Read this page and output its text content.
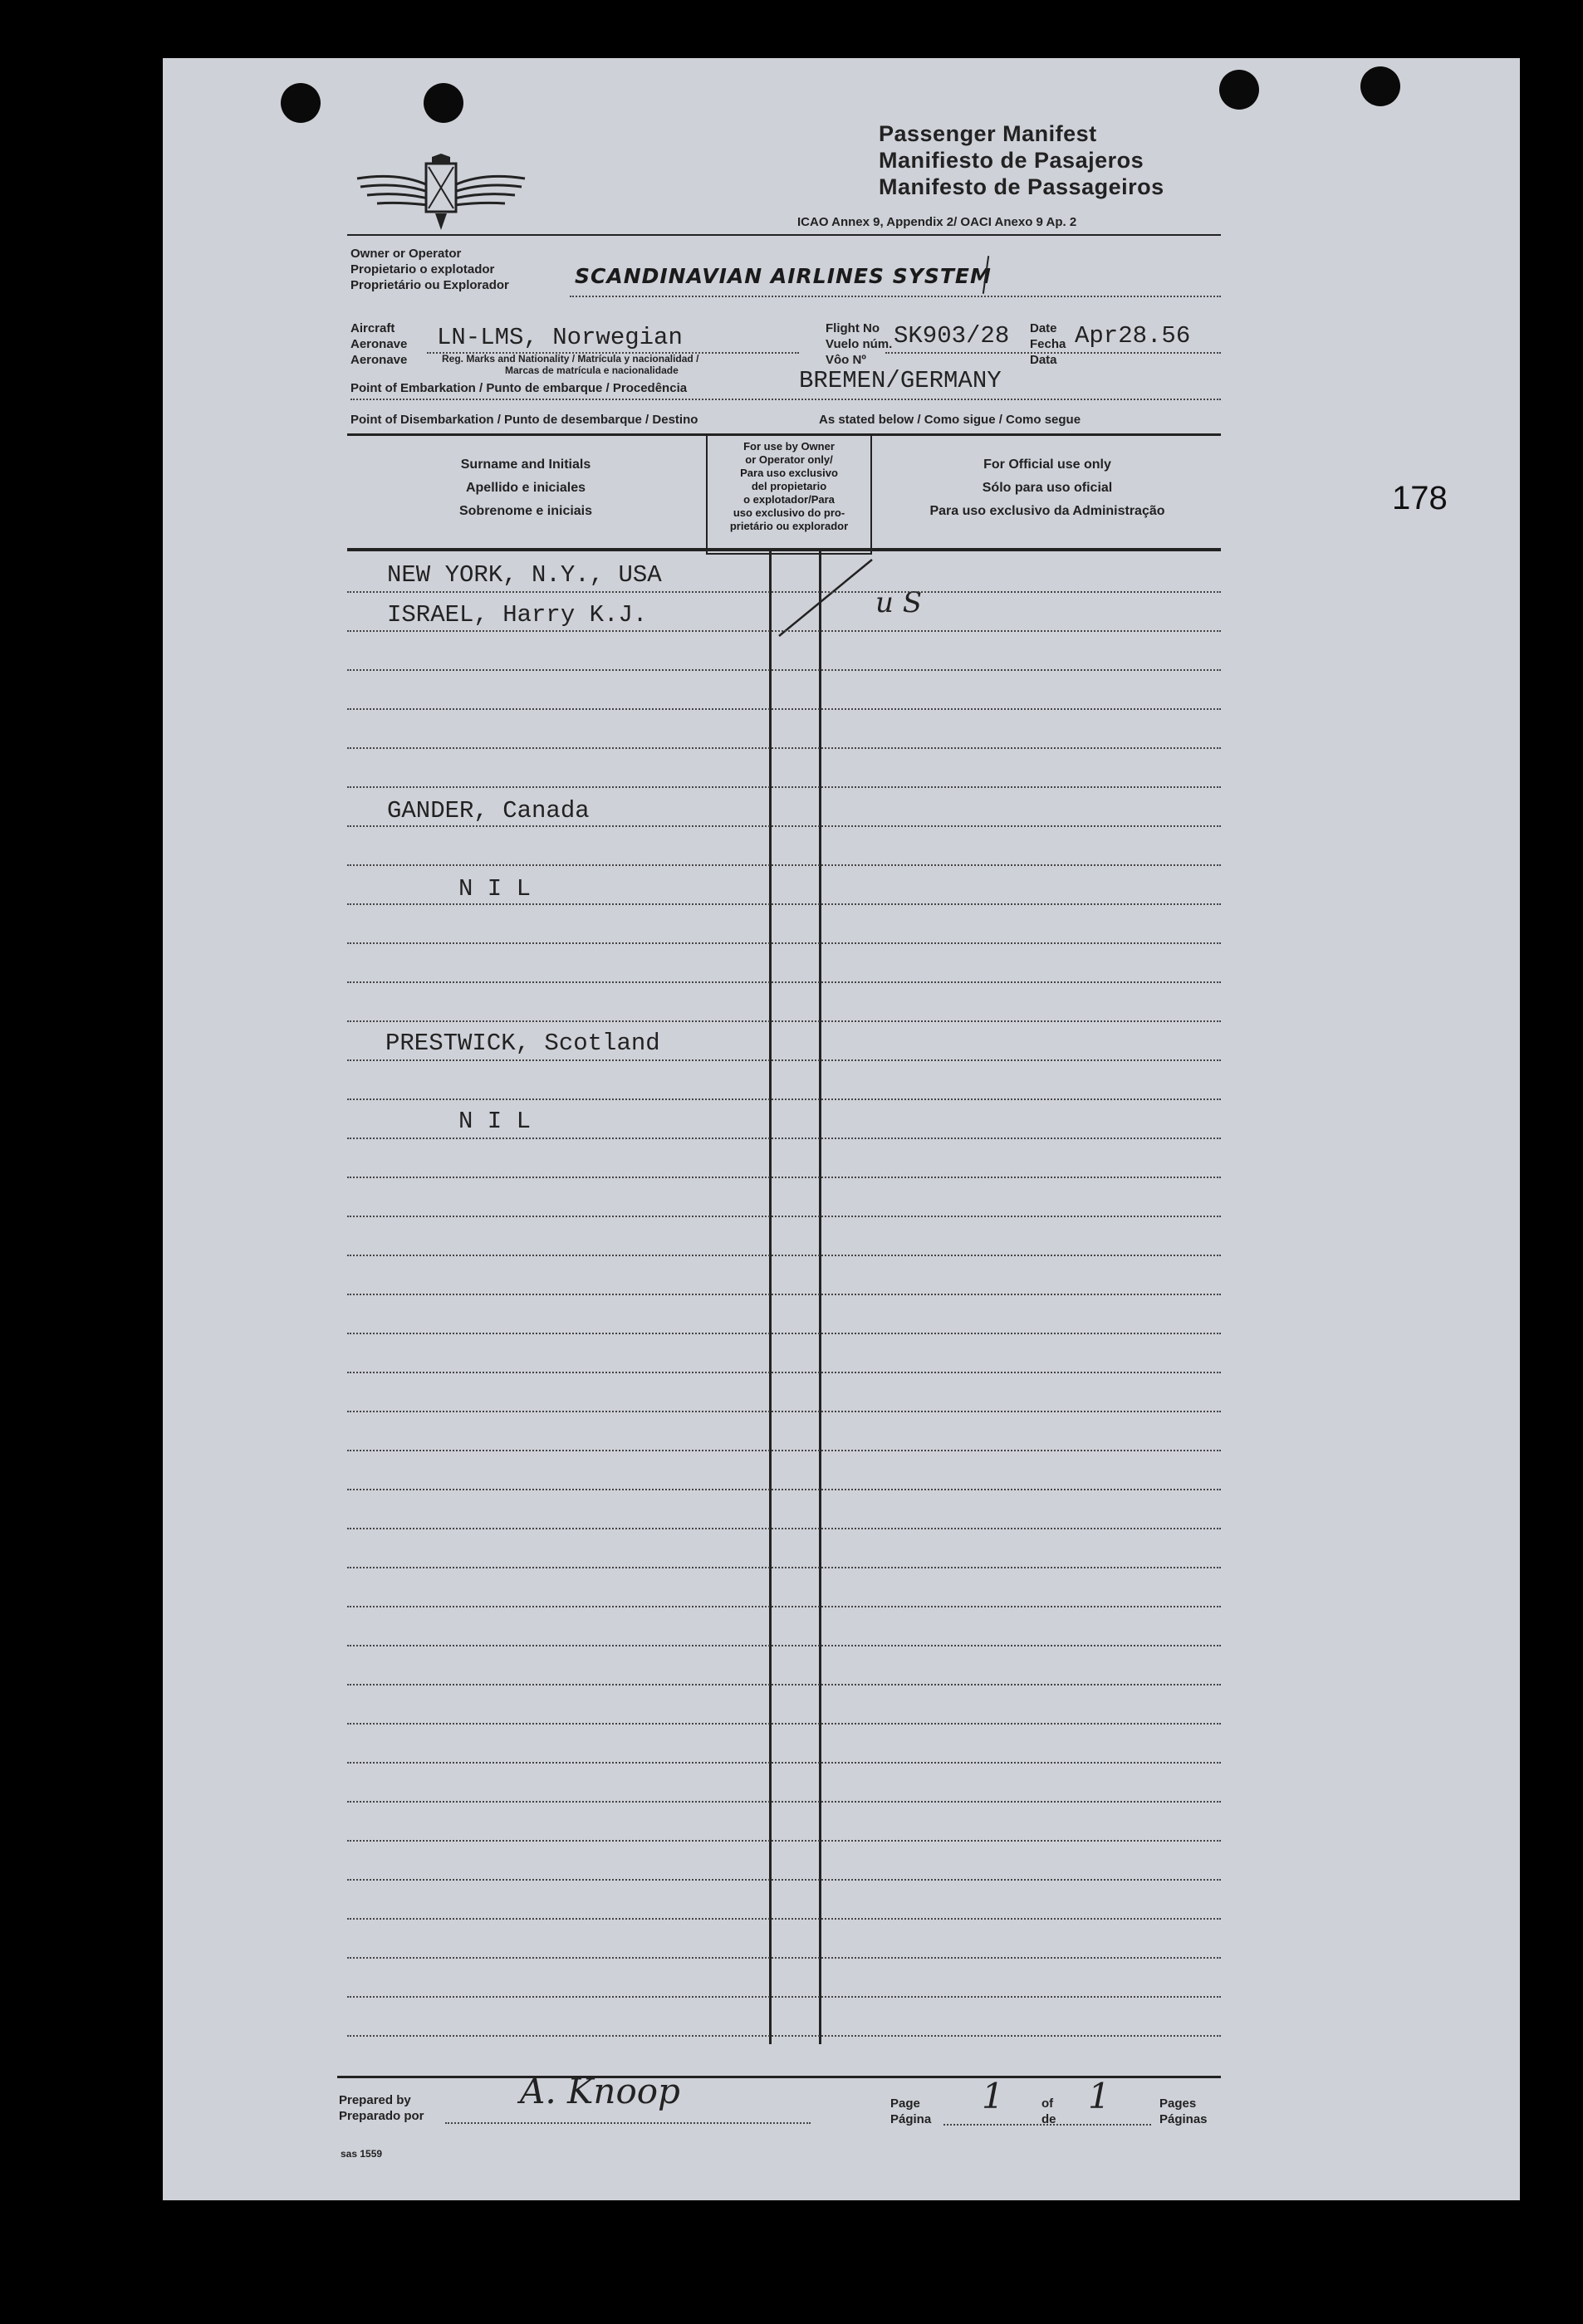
178
Passenger Manifest
Manifiesto de Pasajeros
Manifesto de Passageiros
ICAO Annex 9, Appendix 2/ OACI Anexo 9 Ap. 2
Owner or Operator
Propietario o explotador
Proprietário ou Explorador	SCANDINAVIAN AIRLINES SYSTEM
Aircraft
Aeronave
Aeronave
LN-LMS, Norwegian
Reg. Marks and Nationality / Matrícula y nacionalidad /
Marcas de matrícula e nacionalidade
Flight No
Vuelo núm.
Vôo Nº
SK903/28 Date
Fecha
Data
Apr28.56
Point of Embarkation / Punto de embarque / Procedência	BREMEN/GERMANY
Point of Disembarkation / Punto de desembarque / Destino	As stated below / Como sigue / Como segue
Surname and Initials
Apellido e iniciales
Sobrenome e iniciais
For use by Owner
or Operator only/
Para uso exclusivo
del propietario
o explotador/Para
uso exclusivo do pro-
prietário ou explorador
For Official use only
Sólo para uso oficial
Para uso exclusivo da Administração
NEW YORK, N.Y., USA
ISRAEL, Harry K.J.	u S
GANDER, Canada
N I L
PRESTWICK, Scotland
N I L
Prepared by
Preparado por
A. Knoop	Page
Página
1	of
de
1	Pages
Páginas
sas 1559
